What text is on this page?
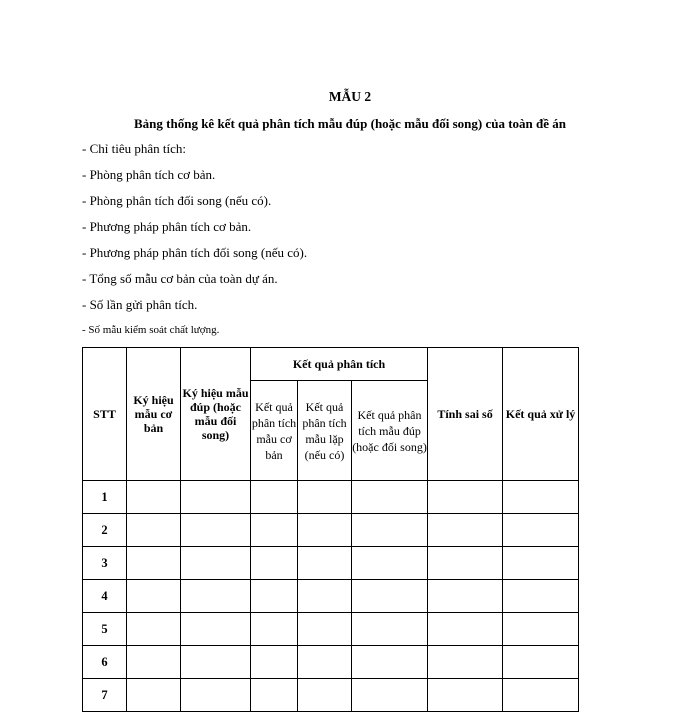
MẪU 2
Bảng thống kê kết quả phân tích mẫu đúp (hoặc mẫu đối song) của toàn đề án
- Chỉ tiêu phân tích:
- Phòng phân tích cơ bản.
- Phòng phân tích đối song (nếu có).
- Phương pháp phân tích cơ bản.
- Phương pháp phân tích đối song (nếu có).
- Tổng số mẫu cơ bản của toàn dự án.
- Số lần gửi phân tích.
- Số mẫu kiểm soát chất lượng.
STT	Ký hiệu mẫu cơ bản	Ký hiệu mẫu đúp (hoặc mẫu đối song)	Kết quả phân tích			Tính sai số	Kết quả xử lý
			Kết quả phân tích mẫu cơ bản	Kết quả phân tích mẫu lặp (nếu có)	Kết quả phân tích mẫu đúp (hoặc đối song)		
1							
2							
3							
4							
5							
6							
7							
